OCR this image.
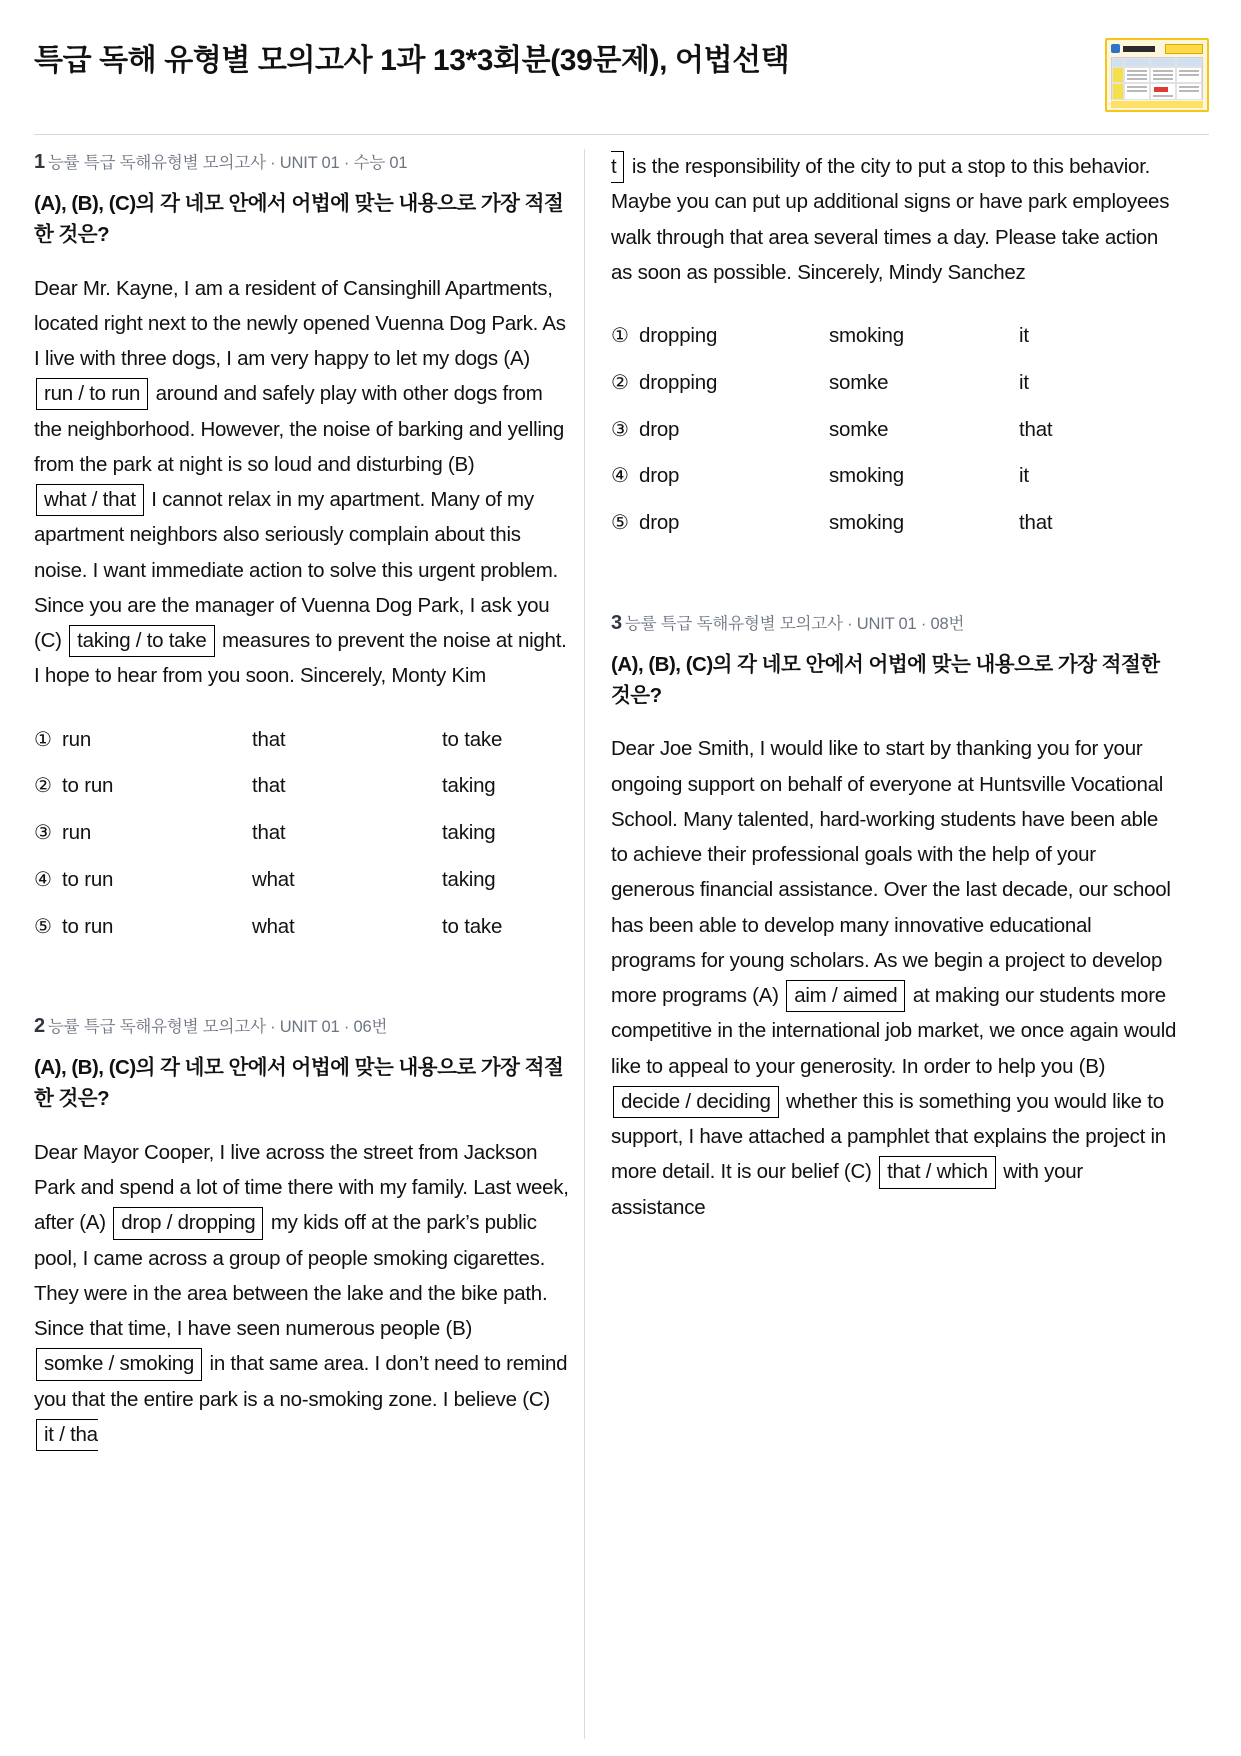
특급 독해 유형별 모의고사 1과 13*3회분(39문제), 어법선택
1 능률 특급 독해유형별 모의고사 · UNIT 01 · 수능 01
(A), (B), (C)의 각 네모 안에서 어법에 맞는 내용으로 가장 적절한 것은?

Dear Mr. Kayne, I am a resident of Cansinghill Apartments, located right next to the newly opened Vuenna Dog Park. As I live with three dogs, I am very happy to let my dogs (A) run / to run around and safely play with other dogs from the neighborhood. However, the noise of barking and yelling from the park at night is so loud and disturbing (B) what / that I cannot relax in my apartment. Many of my apartment neighbors also seriously complain about this noise. I want immediate action to solve this urgent problem. Since you are the manager of Vuenna Dog Park, I ask you (C) taking / to take measures to prevent the noise at night. I hope to hear from you soon. Sincerely, Monty Kim

① run	that	to take
② to run	that	taking
③ run	that	taking
④ to run	what	taking
⑤ to run	what	to take
2 능률 특급 독해유형별 모의고사 · UNIT 01 · 06번
(A), (B), (C)의 각 네모 안에서 어법에 맞는 내용으로 가장 적절한 것은?

Dear Mayor Cooper, I live across the street from Jackson Park and spend a lot of time there with my family. Last week, after (A) drop / dropping my kids off at the park’s public pool, I came across a group of people smoking cigarettes. They were in the area between the lake and the bike path. Since that time, I have seen numerous people (B) somke / smoking in that same area. I don’t need to remind you that the entire park is a no-smoking zone. I believe (C) it / tha

t is the responsibility of the city to put a stop to this behavior. Maybe you can put up additional signs or have park employees walk through that area several times a day. Please take action as soon as possible. Sincerely, Mindy Sanchez

① dropping	smoking	it
② dropping	somke	it
③ drop	somke	that
④ drop	smoking	it
⑤ drop	smoking	that
3 능률 특급 독해유형별 모의고사 · UNIT 01 · 08번
(A), (B), (C)의 각 네모 안에서 어법에 맞는 내용으로 가장 적절한 것은?

Dear Joe Smith, I would like to start by thanking you for your ongoing support on behalf of everyone at Huntsville Vocational School. Many talented, hard-working students have been able to achieve their professional goals with the help of your generous financial assistance. Over the last decade, our school has been able to develop many innovative educational programs for young scholars. As we begin a project to develop more programs (A) aim / aimed at making our students more competitive in the international job market, we once again would like to appeal to your generosity. In order to help you (B) decide / deciding whether this is something you would like to support, I have attached a pamphlet that explains the project in more detail. It is our belief (C) that / which with your assistance
